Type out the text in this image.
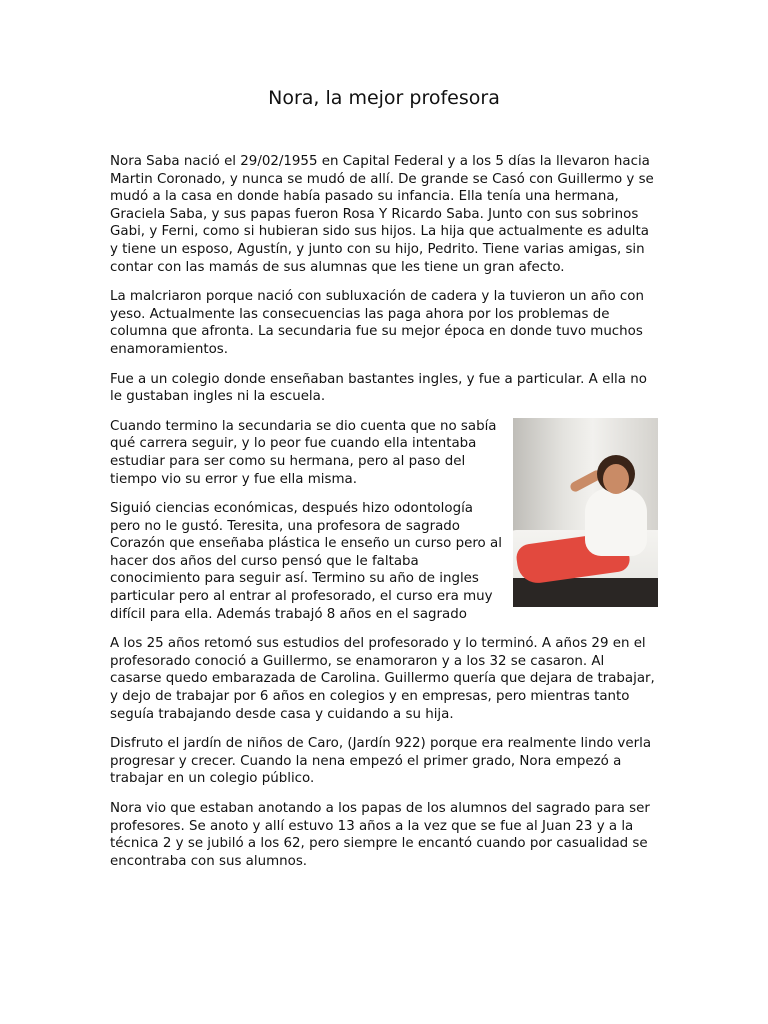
Nora, la mejor profesora

Nora Saba nació el 29/02/1955 en Capital Federal y a los 5 días la llevaron hacia Martin Coronado, y nunca se mudó de allí. De grande se Casó con Guillermo y se mudó a la casa en donde había pasado su infancia. Ella tenía una hermana, Graciela Saba, y sus papas fueron Rosa Y Ricardo Saba. Junto con sus sobrinos Gabi, y Ferni, como si hubieran sido sus hijos. La hija que actualmente es adulta y tiene un esposo, Agustín, y junto con su hijo, Pedrito. Tiene varias amigas, sin contar con las mamás de sus alumnas que les tiene un gran afecto.

La malcriaron porque nació con subluxación de cadera y la tuvieron un año con yeso. Actualmente las consecuencias las paga ahora por los problemas de columna que afronta. La secundaria fue su mejor época en donde tuvo muchos enamoramientos.

Fue a un colegio donde enseñaban bastantes ingles, y fue a particular. A ella no le gustaban ingles ni la escuela.

Cuando termino la secundaria se dio cuenta que no sabía qué carrera seguir, y lo peor fue cuando ella intentaba estudiar para ser como su hermana, pero al paso del tiempo vio su error y fue ella misma.

Siguió ciencias económicas, después hizo odontología pero no le gustó. Teresita, una profesora de sagrado Corazón que enseñaba plástica le enseño un curso pero al hacer dos años del curso pensó que le faltaba conocimiento para seguir así. Termino su año de ingles particular pero al entrar al profesorado, el curso era muy difícil para ella. Además trabajó 8 años en el sagrado

A los 25 años retomó sus estudios del profesorado y lo terminó. A años 29 en el profesorado conoció a Guillermo, se enamoraron y a los 32 se casaron. Al casarse quedo embarazada de Carolina. Guillermo quería que dejara de trabajar, y dejo de trabajar por 6 años en colegios y en empresas, pero mientras tanto seguía trabajando desde casa y cuidando a su hija.

Disfruto el jardín de niños de Caro, (Jardín 922) porque era realmente lindo verla progresar y crecer. Cuando la nena empezó el primer grado, Nora empezó a trabajar en un colegio público.

Nora vio que estaban anotando a los papas de los alumnos del sagrado para ser profesores. Se anoto y allí estuvo 13 años a la vez que se fue al Juan 23 y a la técnica 2 y se jubiló a los 62, pero siempre le encantó cuando por casualidad se encontraba con sus alumnos.
